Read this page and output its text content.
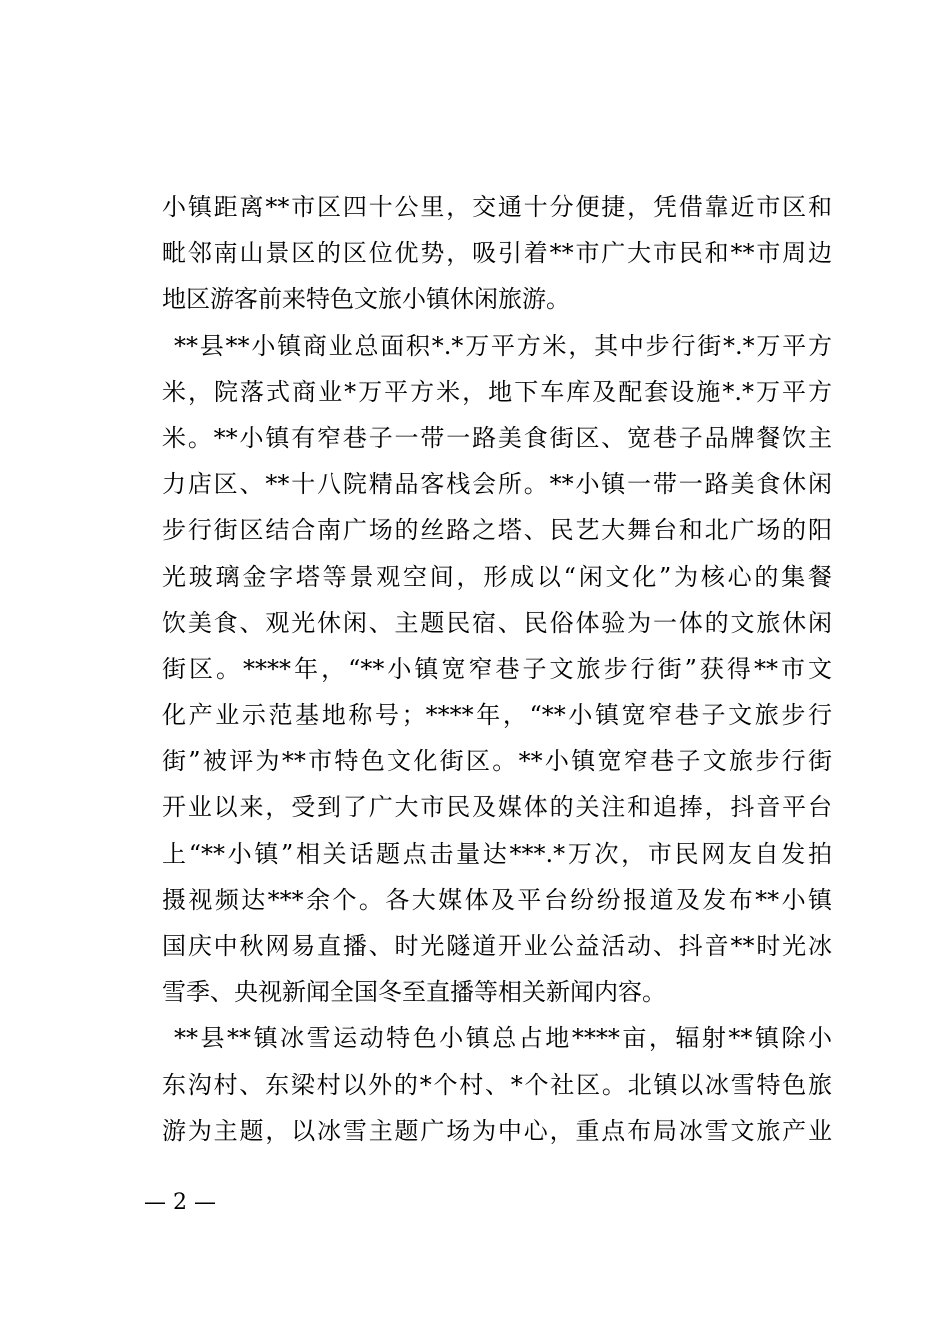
小镇距离**市区四十公里，交通十分便捷，凭借靠近市区和
毗邻南山景区的区位优势，吸引着**市广大市民和**市周边
地区游客前来特色文旅小镇休闲旅游。
**县**小镇商业总面积*.*万平方米，其中步行街*.*万平方
米，院落式商业*万平方米，地下车库及配套设施*.*万平方
米。**小镇有窄巷子一带一路美食街区、宽巷子品牌餐饮主
力店区、**十八院精品客栈会所。**小镇一带一路美食休闲
步行街区结合南广场的丝路之塔、民艺大舞台和北广场的阳
光玻璃金字塔等景观空间，形成以“闲文化”为核心的集餐
饮美食、观光休闲、主题民宿、民俗体验为一体的文旅休闲
街区。****年，“**小镇宽窄巷子文旅步行街”获得**市文
化产业示范基地称号；****年，“**小镇宽窄巷子文旅步行
街”被评为**市特色文化街区。**小镇宽窄巷子文旅步行街
开业以来，受到了广大市民及媒体的关注和追捧，抖音平台
上“**小镇”相关话题点击量达***.*万次，市民网友自发拍
摄视频达***余个。各大媒体及平台纷纷报道及发布**小镇
国庆中秋网易直播、时光隧道开业公益活动、抖音**时光冰
雪季、央视新闻全国冬至直播等相关新闻内容。
**县**镇冰雪运动特色小镇总占地****亩，辐射**镇除小
东沟村、东梁村以外的*个村、*个社区。北镇以冰雪特色旅
游为主题，以冰雪主题广场为中心，重点布局冰雪文旅产业
— 2 —
